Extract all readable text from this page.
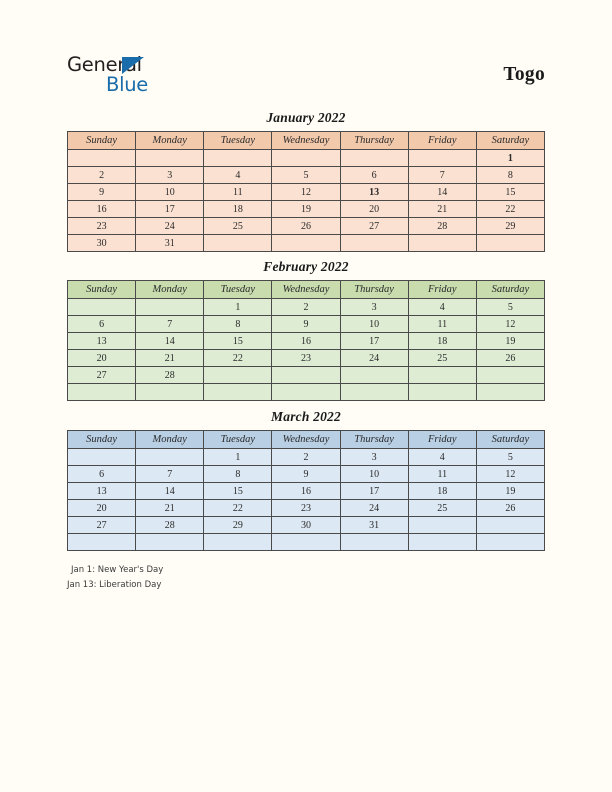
General
Blue	Togo
January 2022
Sunday	Monday	Tuesday	Wednesday	Thursday	Friday	Saturday
						1
2	3	4	5	6	7	8
9	10	11	12	13	14	15
16	17	18	19	20	21	22
23	24	25	26	27	28	29
30	31					
February 2022
Sunday	Monday	Tuesday	Wednesday	Thursday	Friday	Saturday
		1	2	3	4	5
6	7	8	9	10	11	12
13	14	15	16	17	18	19
20	21	22	23	24	25	26
27	28					

March 2022
Sunday	Monday	Tuesday	Wednesday	Thursday	Friday	Saturday
		1	2	3	4	5
6	7	8	9	10	11	12
13	14	15	16	17	18	19
20	21	22	23	24	25	26
27	28	29	30	31		

Jan 1: New Year's Day
Jan 13: Liberation Day
